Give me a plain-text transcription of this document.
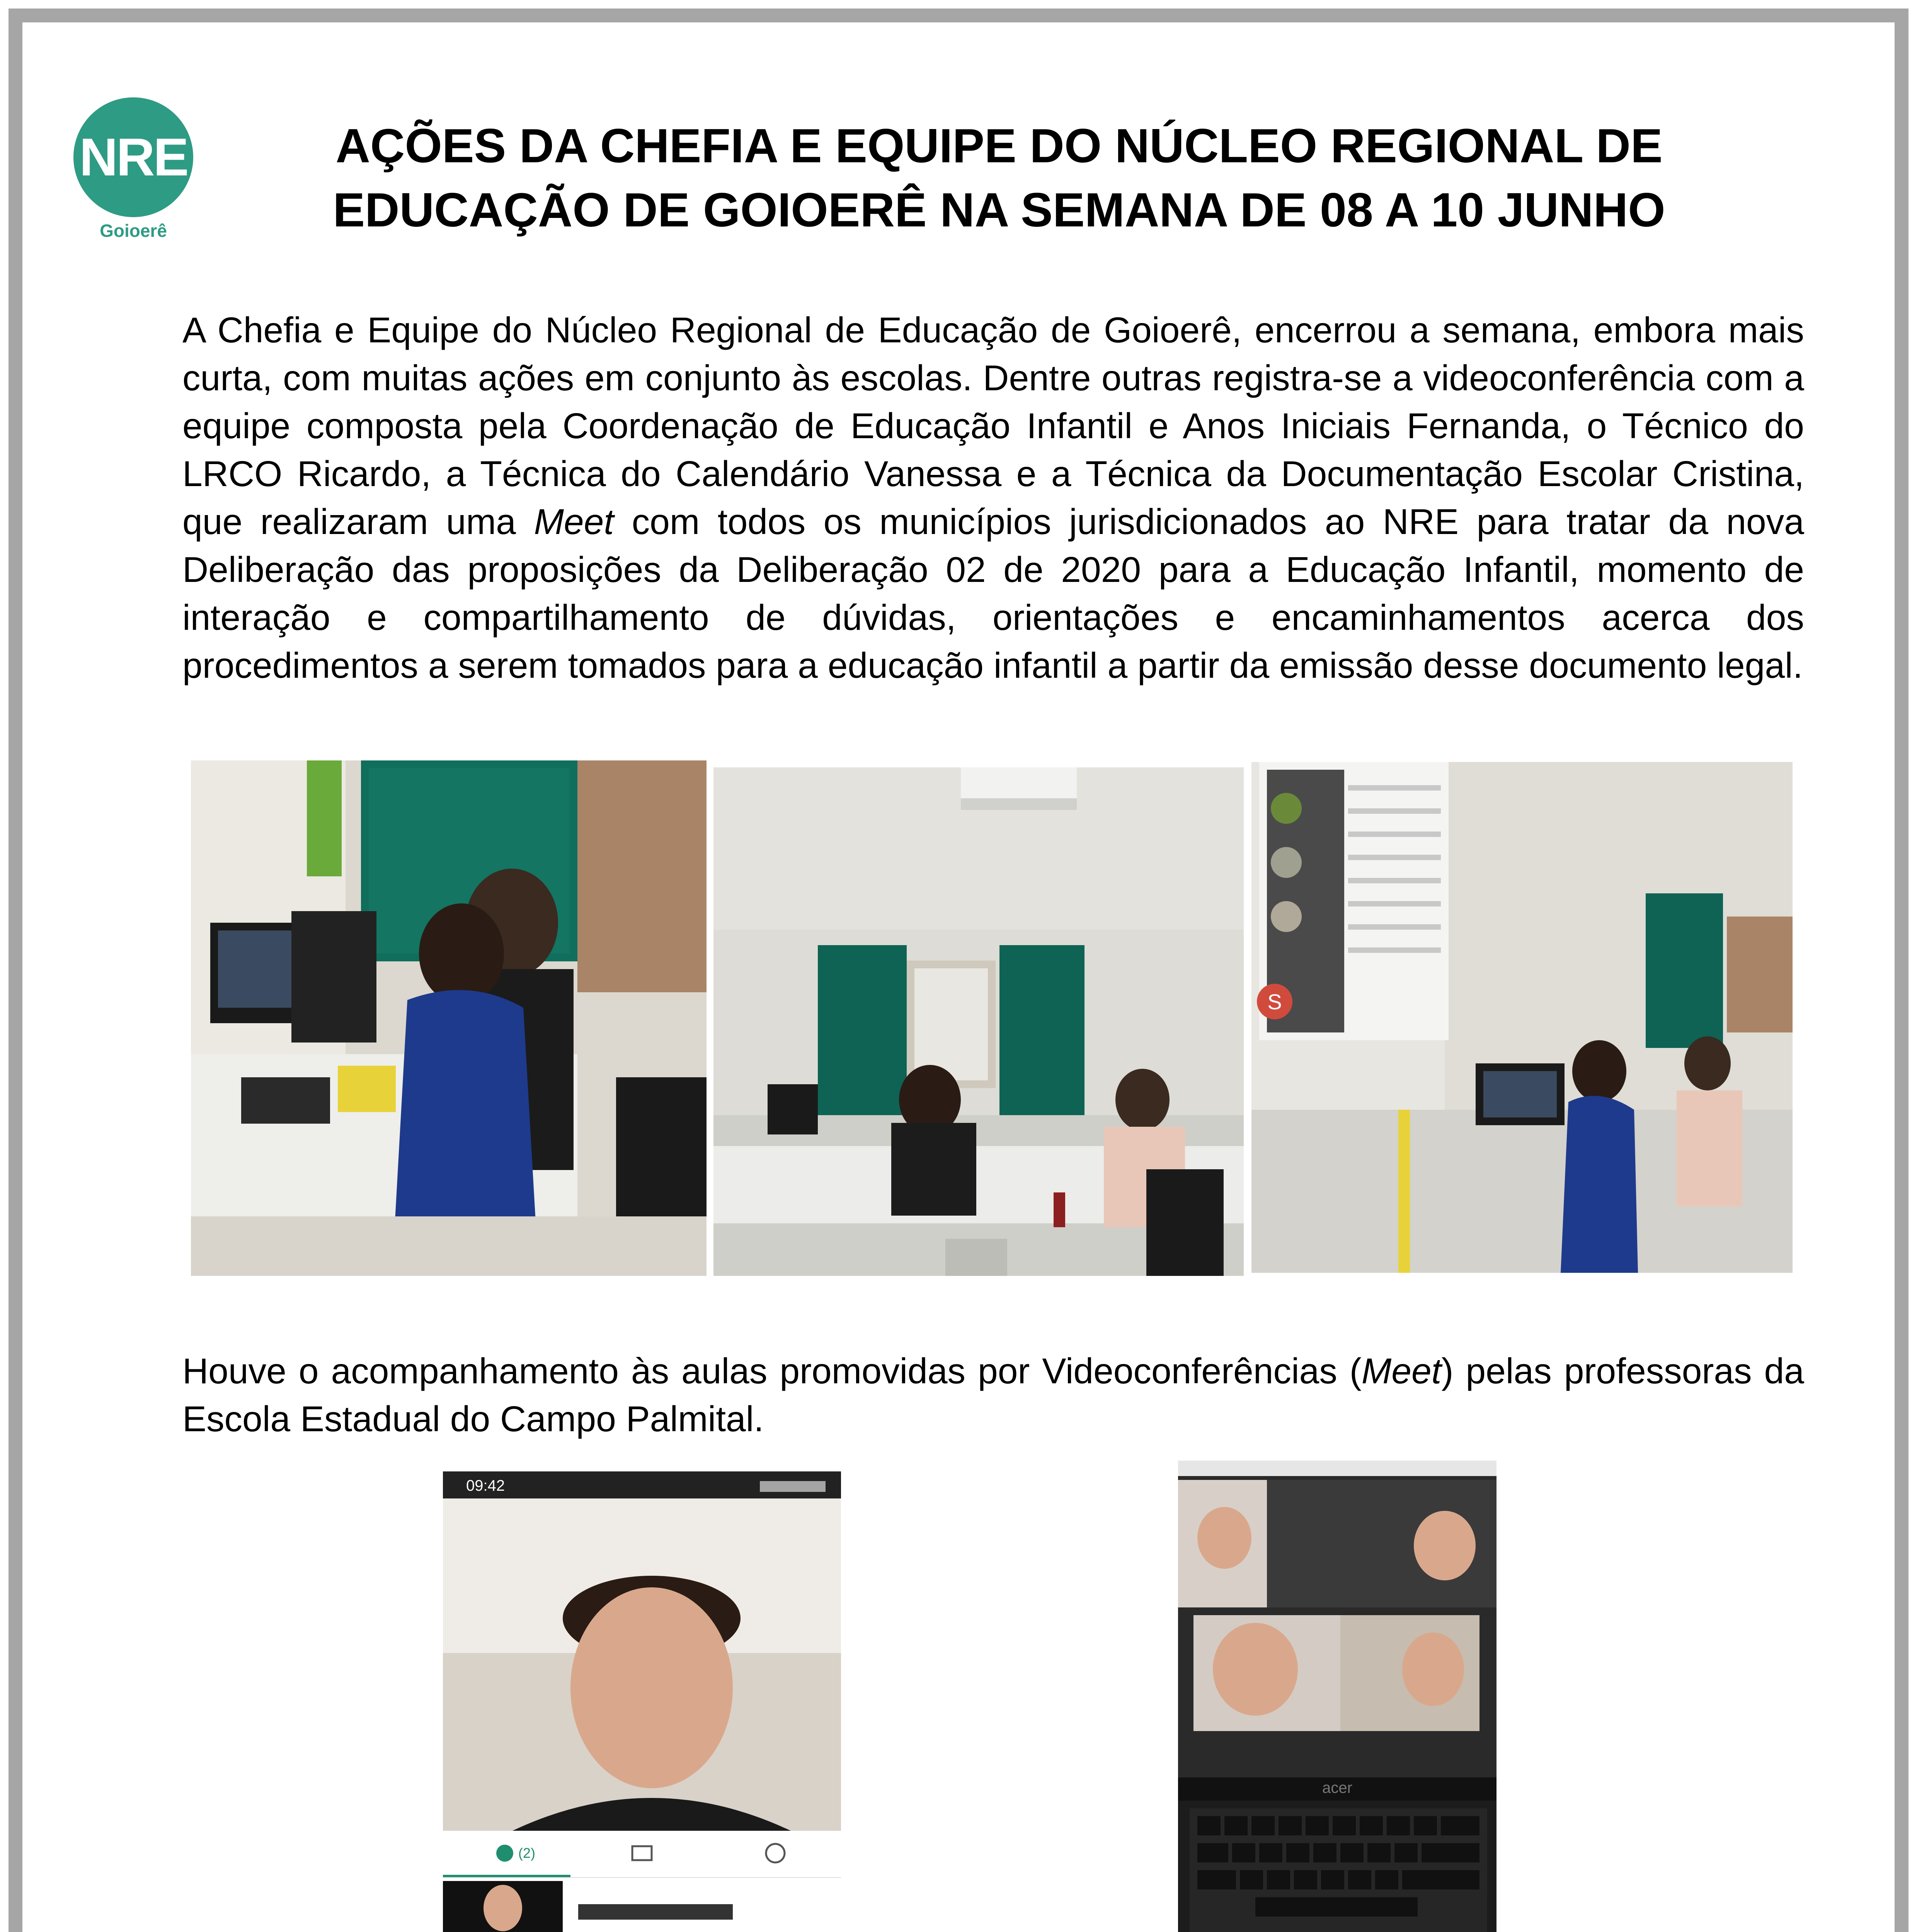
NRE
Goioerê
AÇÕES DA CHEFIA E EQUIPE DO NÚCLEO REGIONAL DE
EDUCAÇÃO DE GOIOERÊ NA SEMANA DE 08 A 10 JUNHO

A Chefia e Equipe do Núcleo Regional de Educação de Goioerê, encerrou a semana, embora mais curta, com muitas ações em conjunto às escolas. Dentre outras registra-se a videoconferência com a equipe composta pela Coordenação de Educação Infantil e Anos Iniciais Fernanda, o Técnico do LRCO Ricardo, a Técnica do Calendário Vanessa e a Técnica da Documentação Escolar Cristina, que realizaram uma Meet com todos os municípios jurisdicionados ao NRE para tratar da nova Deliberação das proposições da Deliberação 02 de 2020 para a Educação Infantil, momento de interação e compartilhamento de dúvidas, orientações e encaminhamentos acerca dos procedimentos a serem tomados para a educação infantil a partir da emissão desse documento legal.

S

Houve o acompanhamento às aulas promovidas por Videoconferências (Meet) pelas professoras da Escola Estadual do Campo Palmital.

09:42
(2)
acer
